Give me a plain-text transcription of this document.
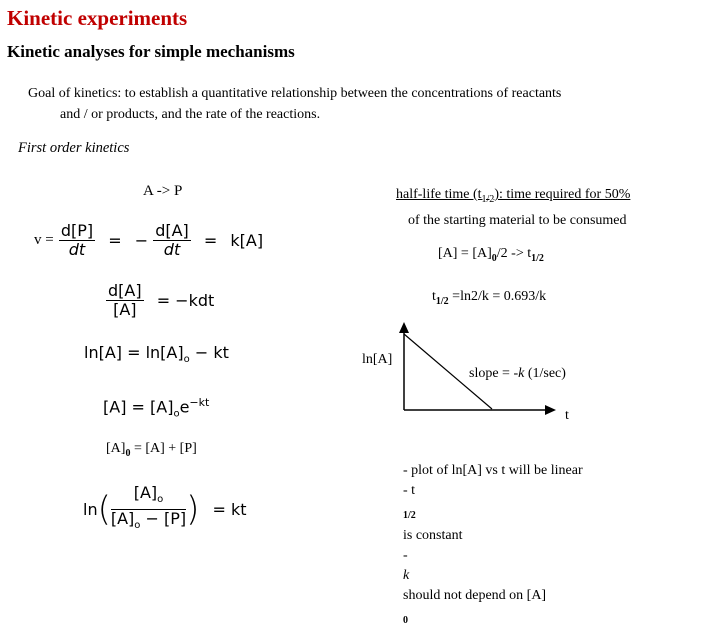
Kinetic experiments
Kinetic analyses for simple mechanisms
Goal of kinetics: to establish a quantitative relationship between the concentrations of reactants
and / or products, and the rate of the reactions.
First order kinetics
A -> P	half-life time $(t_{1/2})$: time required for 50%
of the starting material to be consumed
$v = \frac{d[P]}{dt}$ = − $\frac{d[A]}{dt} = k[A]$
$[A] = [A]_0/2 -> t_{1/2}$
$t_{1/2} =\ln 2/k = 0.693/k$
$\frac{d[A]}{[A]} = -kdt$
$\ln[A] = \ln[A]_o$ − kt
$[A] = [A]_oe^{-kt}$
$[A]_0 = [A] + [P]$
$\ln( \frac{[A]_o}{[A]_o - [P]}$ ) = kt
ln[A]
slope = -k (1/sec)
t
- plot of ln[A] vs t will be linear
- t
$_{1/2}$
is constant
-
k
should not depend on [A]
$_0$
